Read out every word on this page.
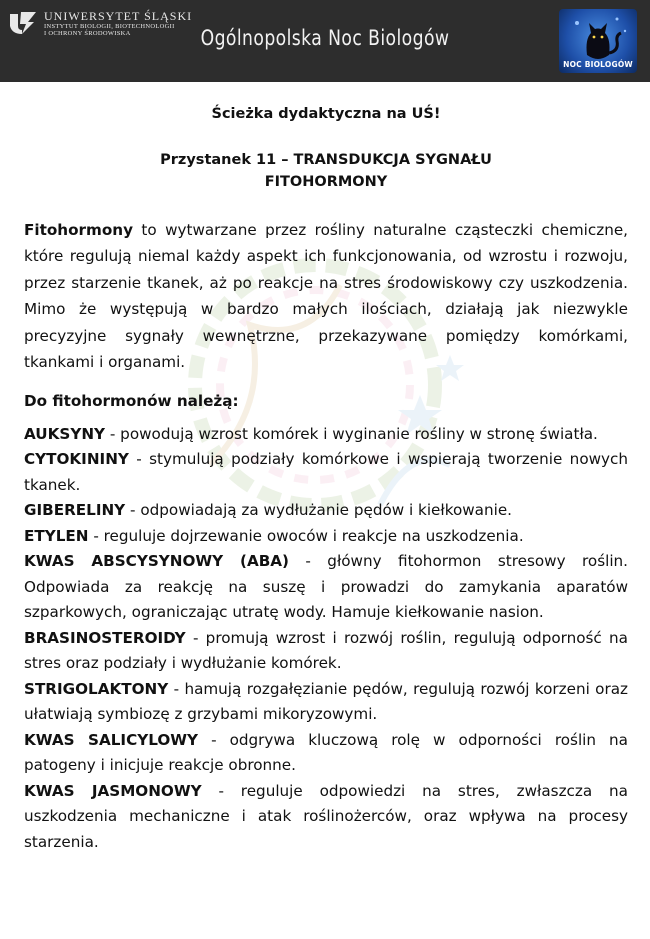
UNIWERSYTET ŚLĄSKI
INSTYTUT BIOLOGII, BIOTECHNOLOGII
I OCHRONY ŚRODOWISKA	Ogólnopolska Noc Biologów
NOC BIOLOGÓW
Ścieżka dydaktyczna na UŚ!
Przystanek 11 – TRANSDUKCJA SYGNAŁU
FITOHORMONY
Fitohormony to wytwarzane przez rośliny naturalne cząsteczki chemiczne, które regulują niemal każdy aspekt ich funkcjonowania, od wzrostu i rozwoju, przez starzenie tkanek, aż po reakcje na stres środowiskowy czy uszkodzenia. Mimo że występują w bardzo małych ilościach, działają jak niezwykle precyzyjne sygnały wewnętrzne, przekazywane pomiędzy komórkami, tkankami i organami.
Do fitohormonów należą:
AUKSYNY - powodują wzrost komórek i wyginanie rośliny w stronę światła.
CYTOKININY - stymulują podziały komórkowe i wspierają tworzenie nowych tkanek.
GIBERELINY - odpowiadają za wydłużanie pędów i kiełkowanie.
ETYLEN - reguluje dojrzewanie owoców i reakcje na uszkodzenia.
KWAS ABSCYSYNOWY (ABA) - główny fitohormon stresowy roślin. Odpowiada za reakcję na suszę i prowadzi do zamykania aparatów szparkowych, ograniczając utratę wody. Hamuje kiełkowanie nasion.
BRASINOSTEROIDY - promują wzrost i rozwój roślin, regulują odporność na stres oraz podziały i wydłużanie komórek.
STRIGOLAKTONY - hamują rozgałęzianie pędów, regulują rozwój korzeni oraz ułatwiają symbiozę z grzybami mikoryzowymi.
KWAS SALICYLOWY - odgrywa kluczową rolę w odporności roślin na patogeny i inicjuje reakcje obronne.
KWAS JASMONOWY - reguluje odpowiedzi na stres, zwłaszcza na uszkodzenia mechaniczne i atak roślinożerców, oraz wpływa na procesy starzenia.
